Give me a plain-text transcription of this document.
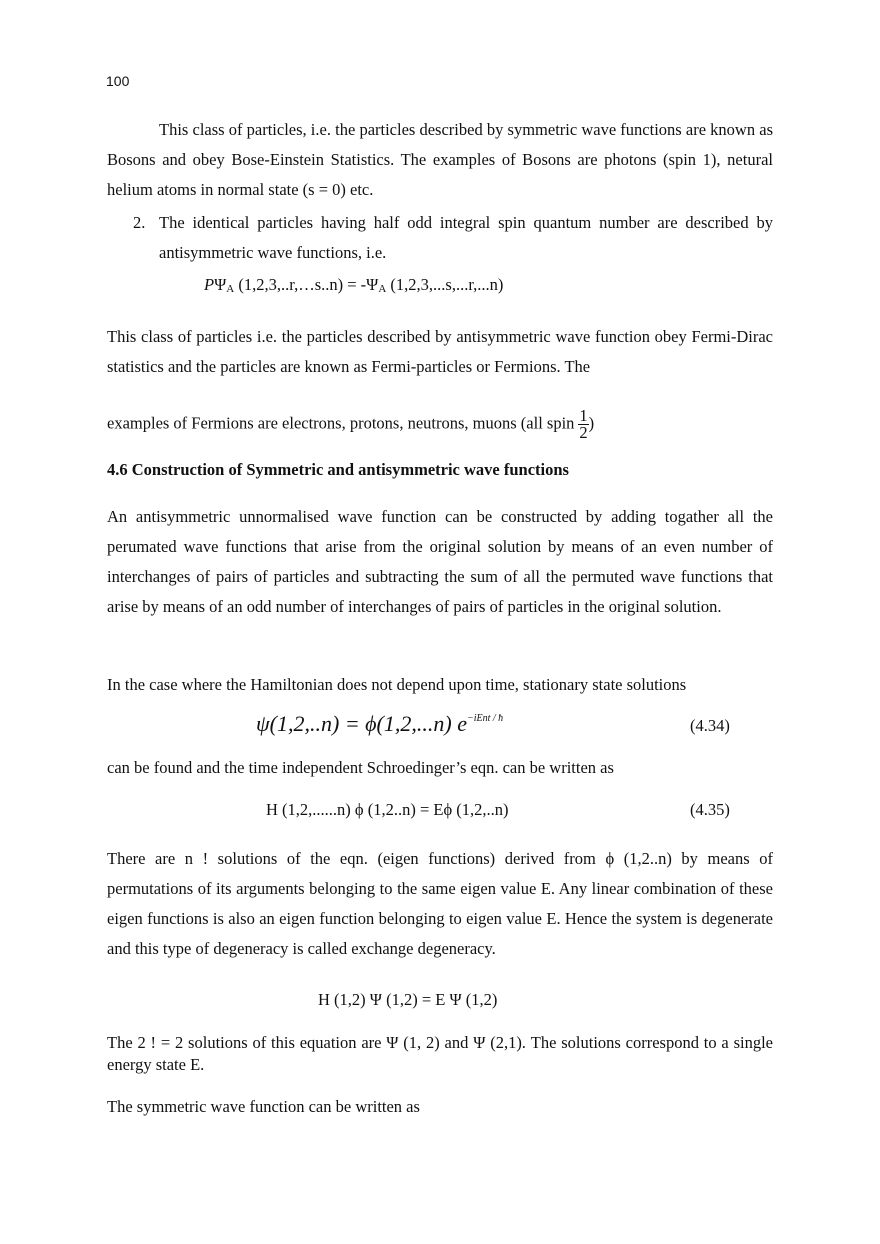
100
This class of particles, i.e. the particles described by symmetric wave functions are known as Bosons and obey Bose-Einstein Statistics. The examples of Bosons are photons (spin 1), netural helium atoms in normal state (s = 0) etc.
2. The identical particles having half odd integral spin quantum number are described by antisymmetric wave functions, i.e.
PΨA (1,2,3,..r,…s..n) = -ΨA (1,2,3,...s,...r,...n)
This class of particles i.e. the particles described by antisymmetric wave function obey Fermi-Dirac statistics and the particles are known as Fermi-particles or Fermions. The
examples of Fermions are electrons, protons, neutrons, muons (all spin $\frac{1}{2}$ )
4.6 Construction of Symmetric and antisymmetric wave functions
An antisymmetric unnormalised wave function can be constructed by adding togather all the perumated wave functions that arise from the original solution by means of an even number of interchanges of pairs of particles and subtracting the sum of all the permuted wave functions that arise by means of an odd number of interchanges of pairs of particles in the original solution.
In the case where the Hamiltonian does not depend upon time, stationary state solutions
ψ(1,2,..n) = ϕ(1,2,...n) $e^{-iEnt / ħ}$	(4.34)
can be found and the time independent Schroedinger’s eqn. can be written as
H (1,2,......n) ϕ (1,2..n) = Eϕ (1,2,..n)	(4.35)
There are n ! solutions of the eqn. (eigen functions) derived from ϕ (1,2..n) by means of permutations of its arguments belonging to the same eigen value E. Any linear combination of these eigen functions is also an eigen function belonging to eigen value E. Hence the system is degenerate and this type of degeneracy is called exchange degeneracy.
H (1,2) Ψ (1,2) = E Ψ (1,2)
The 2 ! = 2 solutions of this equation are Ψ (1, 2) and Ψ (2,1). The solutions correspond to a single energy state E.
The symmetric wave function can be written as
